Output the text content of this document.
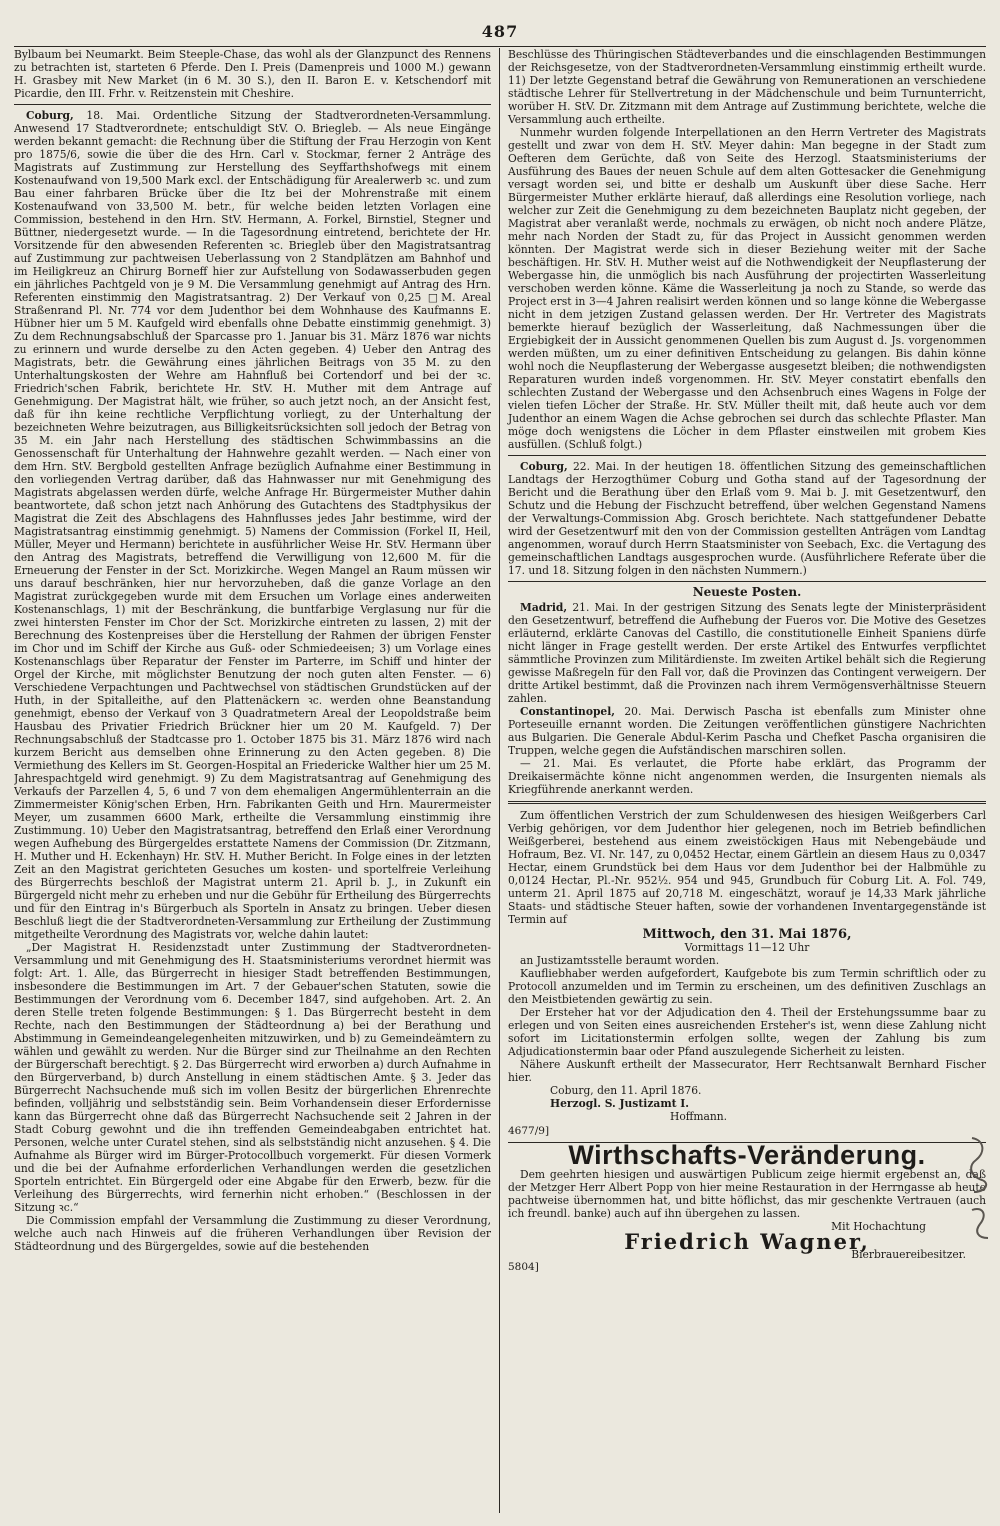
487

Bylbaum bei Neumarkt. Beim Steeple-Chase, das wohl als der Glanzpunct des Rennens zu betrachten ist, starteten 6 Pferde. Den I. Preis (Damenpreis und 1000 M.) gewann H. Grasbey mit New Market (in 6 M. 30 S.), den II. Baron E. v. Ketschendorf mit Picardie, den III. Frhr. v. Reitzenstein mit Cheshire.

Coburg, 18. Mai. Ordentliche Sitzung der Stadtverordneten-Versammlung. Anwesend 17 Stadtverordnete; entschuldigt StV. O. Briegleb. — Als neue Eingänge werden bekannt gemacht: die Rechnung über die Stiftung der Frau Herzogin von Kent pro 1875/6, sowie die über die des Hrn. Carl v. Stockmar, ferner 2 Anträge des Magistrats auf Zustimmung zur Herstellung des Seyffarthshofwegs mit einem Kostenaufwand von 19,500 Mark excl. der Entschädigung für Arealerwerb ꝛc. und zum Bau einer fahrbaren Brücke über die Itz bei der Mohrenstraße mit einem Kostenaufwand von 33,500 M. betr., für welche beiden letzten Vorlagen eine Commission, bestehend in den Hrn. StV. Hermann, A. Forkel, Birnstiel, Stegner und Büttner, niedergesetzt wurde. — In die Tagesordnung eintretend, berichtete der Hr. Vorsitzende für den abwesenden Referenten ꝛc. Briegleb über den Magistratsantrag auf Zustimmung zur pachtweisen Ueberlassung von 2 Standplätzen am Bahnhof und im Heiligkreuz an Chirurg Borneff hier zur Aufstellung von Sodawasserbuden gegen ein jährliches Pachtgeld von je 9 M. Die Versammlung genehmigt auf Antrag des Hrn. Referenten einstimmig den Magistratsantrag. 2) Der Verkauf von 0,25 □M. Areal Straßenrand Pl. Nr. 774 vor dem Judenthor bei dem Wohnhause des Kaufmanns E. Hübner hier um 5 M. Kaufgeld wird ebenfalls ohne Debatte einstimmig genehmigt. 3) Zu dem Rechnungsabschluß der Sparcasse pro 1. Januar bis 31. März 1876 war nichts zu erinnern und wurde derselbe zu den Acten gegeben. 4) Ueber den Antrag des Magistrats, betr. die Gewährung eines jährlichen Beitrags von 35 M. zu den Unterhaltungskosten der Wehre am Hahnfluß bei Cortendorf und bei der ꝛc. Friedrich'schen Fabrik, berichtete Hr. StV. H. Muther mit dem Antrage auf Genehmigung. Der Magistrat hält, wie früher, so auch jetzt noch, an der Ansicht fest, daß für ihn keine rechtliche Verpflichtung vorliegt, zu der Unterhaltung der bezeichneten Wehre beizutragen, aus Billigkeitsrücksichten soll jedoch der Betrag von 35 M. ein Jahr nach Herstellung des städtischen Schwimmbassins an die Genossenschaft für Unterhaltung der Hahnwehre gezahlt werden. — Nach einer von dem Hrn. StV. Bergbold gestellten Anfrage bezüglich Aufnahme einer Bestimmung in den vorliegenden Vertrag darüber, daß das Hahnwasser nur mit Genehmigung des Magistrats abgelassen werden dürfe, welche Anfrage Hr. Bürgermeister Muther dahin beantwortete, daß schon jetzt nach Anhörung des Gutachtens des Stadtphysikus der Magistrat die Zeit des Abschlagens des Hahnflusses jedes Jahr bestimme, wird der Magistratsantrag einstimmig genehmigt. 5) Namens der Commission (Forkel II, Heil, Müller, Meyer und Hermann) berichtete in ausführlicher Weise Hr. StV. Hermann über den Antrag des Magistrats, betreffend die Verwilligung von 12,600 M. für die Erneuerung der Fenster in der Sct. Morizkirche. Wegen Mangel an Raum müssen wir uns darauf beschränken, hier nur hervorzuheben, daß die ganze Vorlage an den Magistrat zurückgegeben wurde mit dem Ersuchen um Vorlage eines anderweiten Kostenanschlags, 1) mit der Beschränkung, die buntfarbige Verglasung nur für die zwei hintersten Fenster im Chor der Sct. Morizkirche eintreten zu lassen, 2) mit der Berechnung des Kostenpreises über die Herstellung der Rahmen der übrigen Fenster im Chor und im Schiff der Kirche aus Guß- oder Schmiedeeisen; 3) um Vorlage eines Kostenanschlags über Reparatur der Fenster im Parterre, im Schiff und hinter der Orgel der Kirche, mit möglichster Benutzung der noch guten alten Fenster. — 6) Verschiedene Verpachtungen und Pachtwechsel von städtischen Grundstücken auf der Huth, in der Spitalleithe, auf den Plattenäckern ꝛc. werden ohne Beanstandung genehmigt, ebenso der Verkauf von 3 Quadratmetern Areal der Leopoldstraße beim Hausbau des Privatier Friedrich Brückner hier um 20 M. Kaufgeld. 7) Der Rechnungsabschluß der Stadtcasse pro 1. October 1875 bis 31. März 1876 wird nach kurzem Bericht aus demselben ohne Erinnerung zu den Acten gegeben. 8) Die Vermiethung des Kellers im St. Georgen-Hospital an Friedericke Walther hier um 25 M. Jahrespachtgeld wird genehmigt. 9) Zu dem Magistratsantrag auf Genehmigung des Verkaufs der Parzellen 4, 5, 6 und 7 von dem ehemaligen Angermühlenterrain an die Zimmermeister König'schen Erben, Hrn. Fabrikanten Geith und Hrn. Maurermeister Meyer, um zusammen 6600 Mark, ertheilte die Versammlung einstimmig ihre Zustimmung. 10) Ueber den Magistratsantrag, betreffend den Erlaß einer Verordnung wegen Aufhebung des Bürgergeldes erstattete Namens der Commission (Dr. Zitzmann, H. Muther und H. Eckenhayn) Hr. StV. H. Muther Bericht. In Folge eines in der letzten Zeit an den Magistrat gerichteten Gesuches um kosten- und sportelfreie Verleihung des Bürgerrechts beschloß der Magistrat unterm 21. April b. J., in Zukunft ein Bürgergeld nicht mehr zu erheben und nur die Gebühr für Ertheilung des Bürgerrechts und für den Eintrag in's Bürgerbuch als Sporteln in Ansatz zu bringen. Ueber diesen Beschluß liegt die der Stadtverordneten-Versammlung zur Ertheilung der Zustimmung mitgetheilte Verordnung des Magistrats vor, welche dahin lautet:

„Der Magistrat H. Residenzstadt unter Zustimmung der Stadtverordneten-Versammlung und mit Genehmigung des H. Staatsministeriums verordnet hiermit was folgt: Art. 1. Alle, das Bürgerrecht in hiesiger Stadt betreffenden Bestimmungen, insbesondere die Bestimmungen im Art. 7 der Gebauer'schen Statuten, sowie die Bestimmungen der Verordnung vom 6. December 1847, sind aufgehoben. Art. 2. An deren Stelle treten folgende Bestimmungen: § 1. Das Bürgerrecht besteht in dem Rechte, nach den Bestimmungen der Städteordnung a) bei der Berathung und Abstimmung in Gemeindeangelegenheiten mitzuwirken, und b) zu Gemeindeämtern zu wählen und gewählt zu werden. Nur die Bürger sind zur Theilnahme an den Rechten der Bürgerschaft berechtigt. § 2. Das Bürgerrecht wird erworben a) durch Aufnahme in den Bürgerverband, b) durch Anstellung in einem städtischen Amte. § 3. Jeder das Bürgerrecht Nachsuchende muß sich im vollen Besitz der bürgerlichen Ehrenrechte befinden, volljährig und selbstständig sein. Beim Vorhandensein dieser Erfordernisse kann das Bürgerrecht ohne daß das Bürgerrecht Nachsuchende seit 2 Jahren in der Stadt Coburg gewohnt und die ihn treffenden Gemeindeabgaben entrichtet hat. Personen, welche unter Curatel stehen, sind als selbstständig nicht anzusehen. § 4. Die Aufnahme als Bürger wird im Bürger-Protocollbuch vorgemerkt. Für diesen Vormerk und die bei der Aufnahme erforderlichen Verhandlungen werden die gesetzlichen Sporteln entrichtet. Ein Bürgergeld oder eine Abgabe für den Erwerb, bezw. für die Verleihung des Bürgerrechts, wird fernerhin nicht erhoben.“ (Beschlossen in der Sitzung ꝛc.“

Die Commission empfahl der Versammlung die Zustimmung zu dieser Verordnung, welche auch nach Hinweis auf die früheren Verhandlungen über Revision der Städteordnung und des Bürgergeldes, sowie auf die bestehenden

Beschlüsse des Thüringischen Städteverbandes und die einschlagenden Bestimmungen der Reichsgesetze, von der Stadtverordneten-Versammlung einstimmig ertheilt wurde. 11) Der letzte Gegenstand betraf die Gewährung von Remunerationen an verschiedene städtische Lehrer für Stellvertretung in der Mädchenschule und beim Turnunterricht, worüber H. StV. Dr. Zitzmann mit dem Antrage auf Zustimmung berichtete, welche die Versammlung auch ertheilte.

Nunmehr wurden folgende Interpellationen an den Herrn Vertreter des Magistrats gestellt und zwar von dem H. StV. Meyer dahin: Man begegne in der Stadt zum Oefteren dem Gerüchte, daß von Seite des Herzogl. Staatsministeriums der Ausführung des Baues der neuen Schule auf dem alten Gottesacker die Genehmigung versagt worden sei, und bitte er deshalb um Auskunft über diese Sache. Herr Bürgermeister Muther erklärte hierauf, daß allerdings eine Resolution vorliege, nach welcher zur Zeit die Genehmigung zu dem bezeichneten Bauplatz nicht gegeben, der Magistrat aber veranlaßt werde, nochmals zu erwägen, ob nicht noch andere Plätze, mehr nach Norden der Stadt zu, für das Project in Aussicht genommen werden könnten. Der Magistrat werde sich in dieser Beziehung weiter mit der Sache beschäftigen. Hr. StV. H. Muther weist auf die Nothwendigkeit der Neupflasterung der Webergasse hin, die unmöglich bis nach Ausführung der projectirten Wasserleitung verschoben werden könne. Käme die Wasserleitung ja noch zu Stande, so werde das Project erst in 3—4 Jahren realisirt werden können und so lange könne die Webergasse nicht in dem jetzigen Zustand gelassen werden. Der Hr. Vertreter des Magistrats bemerkte hierauf bezüglich der Wasserleitung, daß Nachmessungen über die Ergiebigkeit der in Aussicht genommenen Quellen bis zum August d. Js. vorgenommen werden müßten, um zu einer definitiven Entscheidung zu gelangen. Bis dahin könne wohl noch die Neupflasterung der Webergasse ausgesetzt bleiben; die nothwendigsten Reparaturen wurden indeß vorgenommen. Hr. StV. Meyer constatirt ebenfalls den schlechten Zustand der Webergasse und den Achsenbruch eines Wagens in Folge der vielen tiefen Löcher der Straße. Hr. StV. Müller theilt mit, daß heute auch vor dem Judenthor an einem Wagen die Achse gebrochen sei durch das schlechte Pflaster. Man möge doch wenigstens die Löcher in dem Pflaster einstweilen mit grobem Kies ausfüllen. (Schluß folgt.)

Coburg, 22. Mai. In der heutigen 18. öffentlichen Sitzung des gemeinschaftlichen Landtags der Herzogthümer Coburg und Gotha stand auf der Tagesordnung der Bericht und die Berathung über den Erlaß vom 9. Mai b. J. mit Gesetzentwurf, den Schutz und die Hebung der Fischzucht betreffend, über welchen Gegenstand Namens der Verwaltungs-Commission Abg. Grosch berichtete. Nach stattgefundener Debatte wird der Gesetzentwurf mit den von der Commission gestellten Anträgen vom Landtag angenommen, worauf durch Herrn Staatsminister von Seebach, Exc. die Vertagung des gemeinschaftlichen Landtags ausgesprochen wurde. (Ausführlichere Referate über die 17. und 18. Sitzung folgen in den nächsten Nummern.)

Neueste Posten.

Madrid, 21. Mai. In der gestrigen Sitzung des Senats legte der Ministerpräsident den Gesetzentwurf, betreffend die Aufhebung der Fueros vor. Die Motive des Gesetzes erläuternd, erklärte Canovas del Castillo, die constitutionelle Einheit Spaniens dürfe nicht länger in Frage gestellt werden. Der erste Artikel des Entwurfes verpflichtet sämmtliche Provinzen zum Militärdienste. Im zweiten Artikel behält sich die Regierung gewisse Maßregeln für den Fall vor, daß die Provinzen das Contingent verweigern. Der dritte Artikel bestimmt, daß die Provinzen nach ihrem Vermögensverhältnisse Steuern zahlen.

Constantinopel, 20. Mai. Derwisch Pascha ist ebenfalls zum Minister ohne Porteseuille ernannt worden. Die Zeitungen veröffentlichen günstigere Nachrichten aus Bulgarien. Die Generale Abdul-Kerim Pascha und Chefket Pascha organisiren die Truppen, welche gegen die Aufständischen marschiren sollen.

— 21. Mai. Es verlautet, die Pforte habe erklärt, das Programm der Dreikaisermächte könne nicht angenommen werden, die Insurgenten niemals als Kriegführende anerkannt werden.

Zum öffentlichen Verstrich der zum Schuldenwesen des hiesigen Weißgerbers Carl Verbig gehörigen, vor dem Judenthor hier gelegenen, noch im Betrieb befindlichen Weißgerberei, bestehend aus einem zweistöckigen Haus mit Nebengebäude und Hofraum, Bez. VI. Nr. 147, zu 0,0452 Hectar, einem Gärtlein an diesem Haus zu 0,0347 Hectar, einem Grundstück bei dem Haus vor dem Judenthor bei der Halbmühle zu 0,0124 Hectar, Pl.-Nr. 952½. 954 und 945, Grundbuch für Coburg Lit. A. Fol. 749, unterm 21. April 1875 auf 20,718 M. eingeschätzt, worauf je 14,33 Mark jährliche Staats- und städtische Steuer haften, sowie der vorhandenen Inventargegenstände ist Termin auf

Mittwoch, den 31. Mai 1876,
Vormittags 11—12 Uhr

an Justizamtsstelle beraumt worden.

Kaufliebhaber werden aufgefordert, Kaufgebote bis zum Termin schriftlich oder zu Protocoll anzumelden und im Termin zu erscheinen, um des definitiven Zuschlags an den Meistbietenden gewärtig zu sein.

Der Ersteher hat vor der Adjudication den 4. Theil der Erstehungssumme baar zu erlegen und von Seiten eines ausreichenden Ersteher's ist, wenn diese Zahlung nicht sofort im Licitationstermin erfolgen sollte, wegen der Zahlung bis zum Adjudicationstermin baar oder Pfand auszulegende Sicherheit zu leisten.

Nähere Auskunft ertheilt der Massecurator, Herr Rechtsanwalt Bernhard Fischer hier.

Coburg, den 11. April 1876.

Herzogl. S. Justizamt I.

Hoffmann.

4677/9]
Wirthschafts-Veränderung.

Dem geehrten hiesigen und auswärtigen Publicum zeige hiermit ergebenst an, daß der Metzger Herr Albert Popp von hier meine Restauration in der Herrngasse ab heute pachtweise übernommen hat, und bitte höflichst, das mir geschenkte Vertrauen (auch ich freundl. banke) auch auf ihn übergehen zu lassen.

Mit Hochachtung

Friedrich Wagner,

Bierbrauereibesitzer.

5804]
